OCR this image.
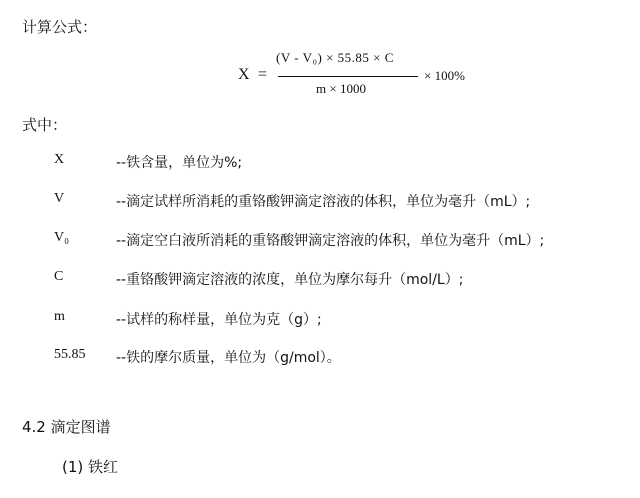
计算公式：
X =
(V - V₀) × 55.85 × C
m × 1000
× 100%
式中：
X	--铁含量，单位为%;
V	--滴定试样所消耗的重铬酸钾滴定溶液的体积，单位为毫升（mL）;
V₀	--滴定空白液所消耗的重铬酸钾滴定溶液的体积，单位为毫升（mL）;
C	--重铬酸钾滴定溶液的浓度，单位为摩尔每升（mol/L）;
m	--试样的称样量，单位为克（g）;
55.85 --铁的摩尔质量，单位为（g/mol）。
4.2 滴定图谱
(1) 铁红
